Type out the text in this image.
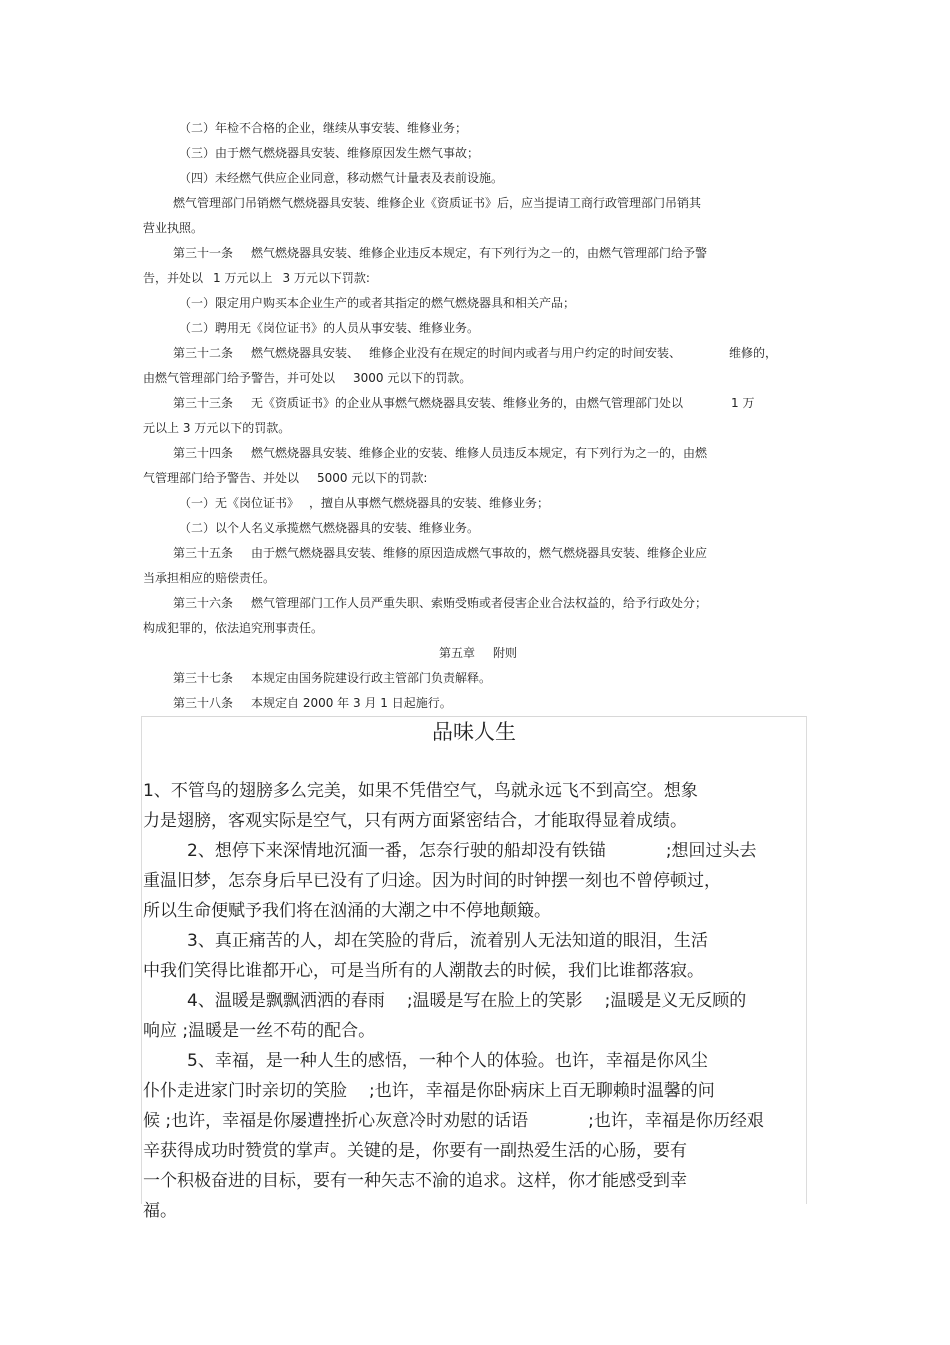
（二）年检不合格的企业，继续从事安装、维修业务；
（三）由于燃气燃烧器具安装、维修原因发生燃气事故；
（四）未经燃气供应企业同意，移动燃气计量表及表前设施。
燃气管理部门吊销燃气燃烧器具安装、维修企业《资质证书》后，应当提请工商行政管理部门吊销其
营业执照。
第三十一条 燃气燃烧器具安装、维修企业违反本规定，有下列行为之一的，由燃气管理部门给予警
告，并处以 1 万元以上 3 万元以下罚款:
（一）限定用户购买本企业生产的或者其指定的燃气燃烧器具和相关产品；
（二）聘用无《岗位证书》的人员从事安装、维修业务。
第三十二条 燃气燃烧器具安装、 维修企业没有在规定的时间内或者与用户约定的时间安装、	维修的，
由燃气管理部门给予警告，并可处以 3000 元以下的罚款。
第三十三条 无《资质证书》的企业从事燃气燃烧器具安装、维修业务的，由燃气管理部门处以	1 万
元以上 3 万元以下的罚款。
第三十四条 燃气燃烧器具安装、维修企业的安装、维修人员违反本规定，有下列行为之一的，由燃
气管理部门给予警告、并处以 5000 元以下的罚款:
（一）无《岗位证书》 ，擅自从事燃气燃烧器具的安装、维修业务；
（二）以个人名义承揽燃气燃烧器具的安装、维修业务。
第三十五条 由于燃气燃烧器具安装、维修的原因造成燃气事故的，燃气燃烧器具安装、维修企业应
当承担相应的赔偿责任。
第三十六条 燃气管理部门工作人员严重失职、索贿受贿或者侵害企业合法权益的，给予行政处分；
构成犯罪的，依法追究刑事责任。
第五章 附则
第三十七条 本规定由国务院建设行政主管部门负责解释。
第三十八条 本规定自 2000 年 3 月 1 日起施行。
品味人生
1、不管鸟的翅膀多么完美，如果不凭借空气，鸟就永远飞不到高空。想象
力是翅膀，客观实际是空气，只有两方面紧密结合，才能取得显着成绩。
2、想停下来深情地沉湎一番，怎奈行驶的船却没有铁锚	;想回过头去
重温旧梦，怎奈身后早已没有了归途。因为时间的时钟摆一刻也不曾停顿过，
所以生命便赋予我们将在汹涌的大潮之中不停地颠簸。
3、真正痛苦的人，却在笑脸的背后，流着别人无法知道的眼泪，生活
中我们笑得比谁都开心，可是当所有的人潮散去的时候，我们比谁都落寂。
4、温暖是飘飘洒洒的春雨 ;温暖是写在脸上的笑影 ;温暖是义无反顾的
响应 ;温暖是一丝不苟的配合。
5、幸福，是一种人生的感悟，一种个人的体验。也许，幸福是你风尘
仆仆走进家门时亲切的笑脸 ;也许，幸福是你卧病床上百无聊赖时温馨的问
候 ;也许，幸福是你屡遭挫折心灰意冷时劝慰的话语	;也许，幸福是你历经艰
辛获得成功时赞赏的掌声。关键的是，你要有一副热爱生活的心肠，要有
一个积极奋进的目标，要有一种矢志不渝的追求。这样，你才能感受到幸
福。
